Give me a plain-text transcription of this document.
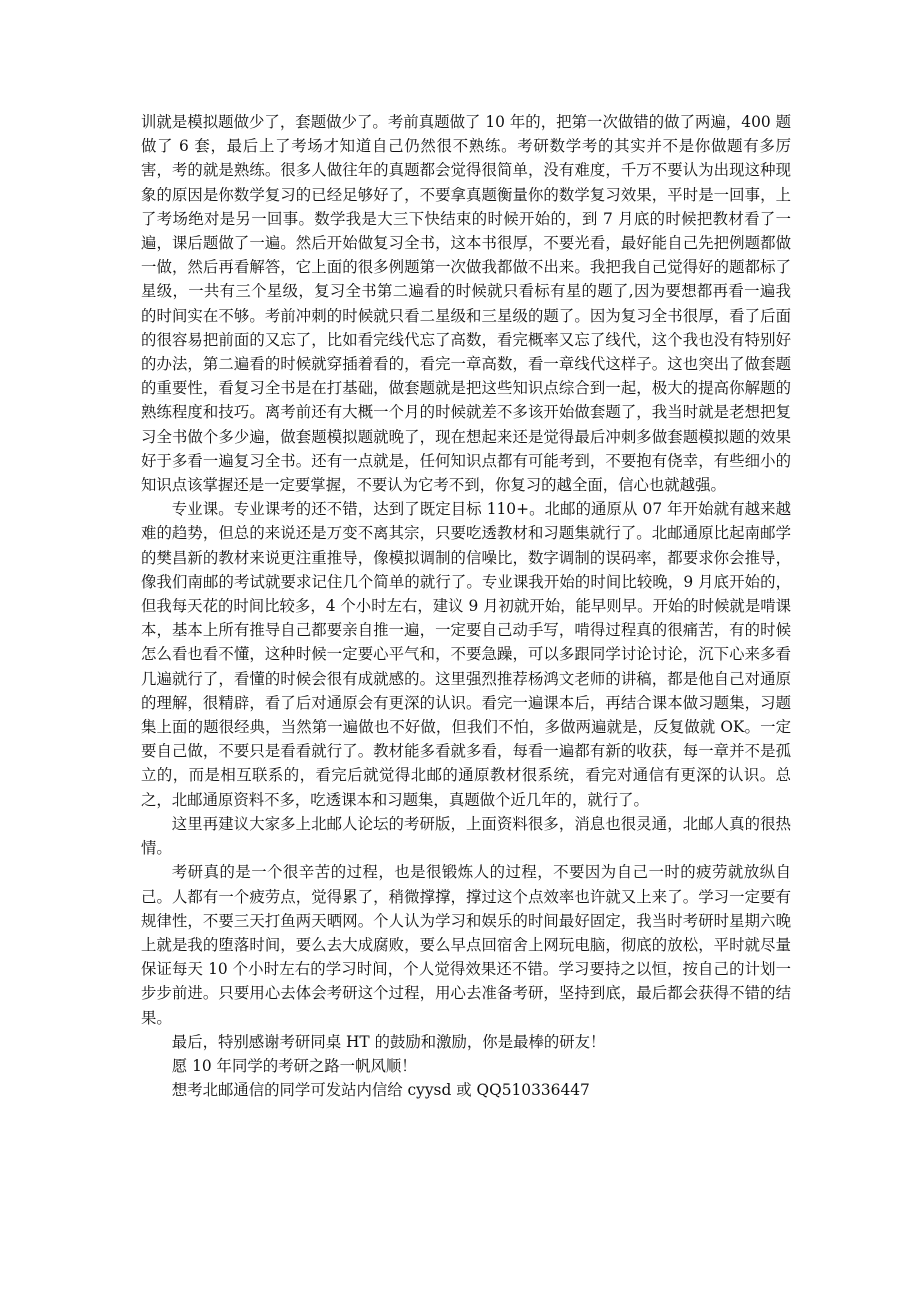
训就是模拟题做少了，套题做少了。考前真题做了 10 年的，把第一次做错的做了两遍，400 题做了 6 套，最后上了考场才知道自己仍然很不熟练。考研数学考的其实并不是你做题有多厉害，考的就是熟练。很多人做往年的真题都会觉得很简单，没有难度，千万不要认为出现这种现象的原因是你数学复习的已经足够好了，不要拿真题衡量你的数学复习效果，平时是一回事，上了考场绝对是另一回事。数学我是大三下快结束的时候开始的，到 7 月底的时候把教材看了一遍，课后题做了一遍。然后开始做复习全书，这本书很厚，不要光看，最好能自己先把例题都做一做，然后再看解答，它上面的很多例题第一次做我都做不出来。我把我自己觉得好的题都标了星级，一共有三个星级，复习全书第二遍看的时候就只看标有星的题了,因为要想都再看一遍我的时间实在不够。考前冲刺的时候就只看二星级和三星级的题了。因为复习全书很厚，看了后面的很容易把前面的又忘了，比如看完线代忘了高数，看完概率又忘了线代，这个我也没有特别好的办法，第二遍看的时候就穿插着看的，看完一章高数，看一章线代这样子。这也突出了做套题的重要性，看复习全书是在打基础，做套题就是把这些知识点综合到一起，极大的提高你解题的熟练程度和技巧。离考前还有大概一个月的时候就差不多该开始做套题了，我当时就是老想把复习全书做个多少遍，做套题模拟题就晚了，现在想起来还是觉得最后冲刺多做套题模拟题的效果好于多看一遍复习全书。还有一点就是，任何知识点都有可能考到，不要抱有侥幸，有些细小的知识点该掌握还是一定要掌握，不要认为它考不到，你复习的越全面，信心也就越强。

专业课。专业课考的还不错，达到了既定目标 110+。北邮的通原从 07 年开始就有越来越难的趋势，但总的来说还是万变不离其宗，只要吃透教材和习题集就行了。北邮通原比起南邮学的樊昌新的教材来说更注重推导，像模拟调制的信噪比，数字调制的误码率，都要求你会推导，像我们南邮的考试就要求记住几个简单的就行了。专业课我开始的时间比较晚，9 月底开始的，但我每天花的时间比较多，4 个小时左右，建议 9 月初就开始，能早则早。开始的时候就是啃课本，基本上所有推导自己都要亲自推一遍，一定要自己动手写，啃得过程真的很痛苦，有的时候怎么看也看不懂，这种时候一定要心平气和，不要急躁，可以多跟同学讨论讨论，沉下心来多看几遍就行了，看懂的时候会很有成就感的。这里强烈推荐杨鸿文老师的讲稿，都是他自己对通原的理解，很精辟，看了后对通原会有更深的认识。看完一遍课本后，再结合课本做习题集，习题集上面的题很经典，当然第一遍做也不好做，但我们不怕，多做两遍就是，反复做就 OK。一定要自己做，不要只是看看就行了。教材能多看就多看，每看一遍都有新的收获，每一章并不是孤立的，而是相互联系的，看完后就觉得北邮的通原教材很系统，看完对通信有更深的认识。总之，北邮通原资料不多，吃透课本和习题集，真题做个近几年的，就行了。

这里再建议大家多上北邮人论坛的考研版，上面资料很多，消息也很灵通，北邮人真的很热情。

考研真的是一个很辛苦的过程，也是很锻炼人的过程，不要因为自己一时的疲劳就放纵自己。人都有一个疲劳点，觉得累了，稍微撑撑，撑过这个点效率也许就又上来了。学习一定要有规律性，不要三天打鱼两天晒网。个人认为学习和娱乐的时间最好固定，我当时考研时星期六晚上就是我的堕落时间，要么去大成腐败，要么早点回宿舍上网玩电脑，彻底的放松，平时就尽量保证每天 10 个小时左右的学习时间，个人觉得效果还不错。学习要持之以恒，按自己的计划一步步前进。只要用心去体会考研这个过程，用心去准备考研，坚持到底，最后都会获得不错的结果。

最后，特别感谢考研同桌 HT 的鼓励和激励，你是最棒的研友！

愿 10 年同学的考研之路一帆风顺！

想考北邮通信的同学可发站内信给 cyysd 或 QQ510336447
